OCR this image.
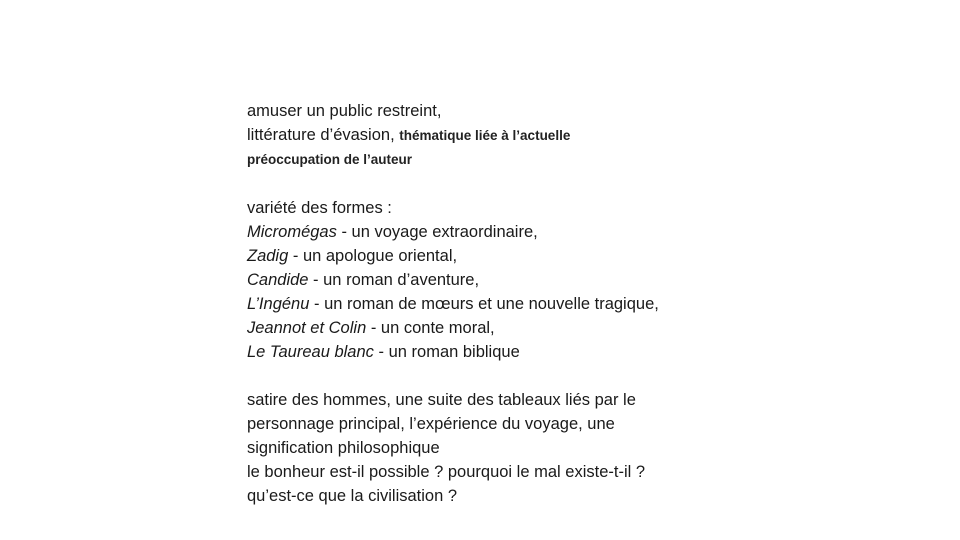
amuser un public restreint,
littérature d’évasion, thématique liée à l’actuelle
préoccupation de l’auteur
variété des formes :
Micromégas - un voyage extraordinaire,
Zadig - un apologue oriental,
Candide - un roman d’aventure,
L’Ingénu - un roman de mœurs et une nouvelle tragique,
Jeannot et Colin - un conte moral,
Le Taureau blanc - un roman biblique
satire des hommes, une suite des tableaux liés par le
personnage principal, l’expérience du voyage, une
signification philosophique
le bonheur est-il possible ? pourquoi le mal existe-t-il ?
qu’est-ce que la civilisation ?
